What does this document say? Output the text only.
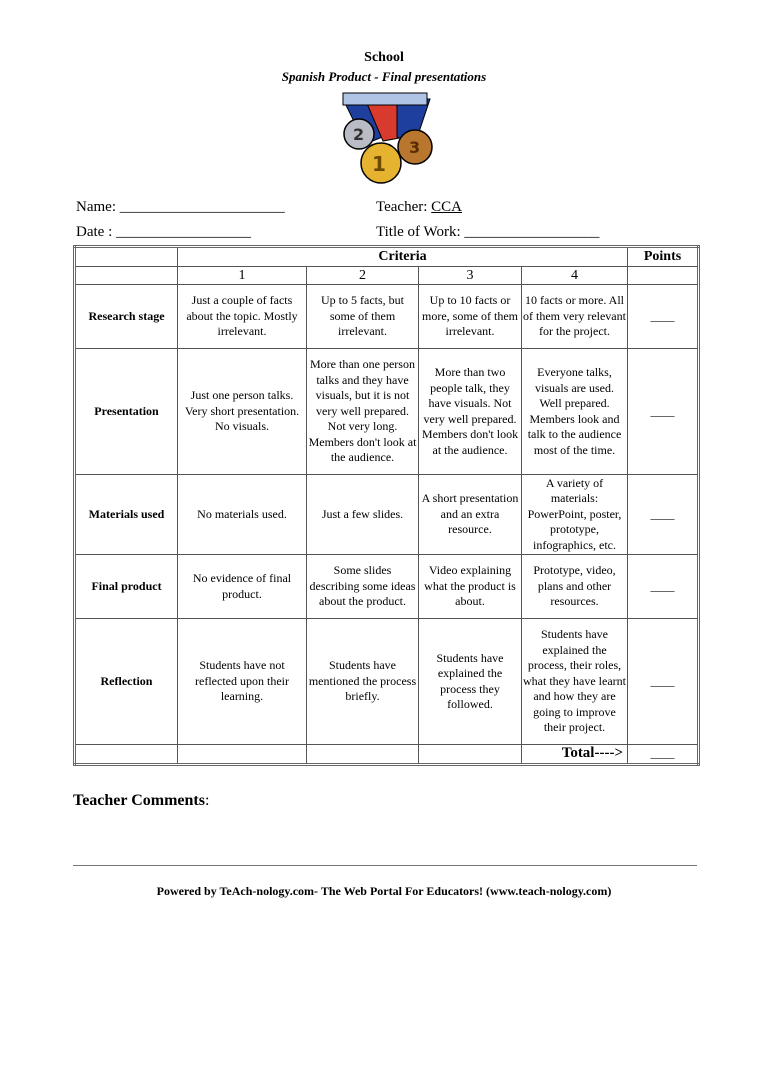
School
Spanish Product - Final presentations
2
3
1
Name: ______________________	Teacher: CCA
Date : __________________	Title of Work: __________________
	Criteria				Points
	1	2	3	4	
Research stage	Just a couple of facts about the topic. Mostly irrelevant.	Up to 5 facts, but some of them irrelevant.	Up to 10 facts or more, some of them irrelevant.	10 facts or more. All of them very relevant for the project.	____
Presentation	Just one person talks. Very short presentation. No visuals.	More than one person talks and they have visuals, but it is not very well prepared. Not very long. Members don't look at the audience.	More than two people talk, they have visuals. Not very well prepared. Members don't look at the audience.	Everyone talks, visuals are used. Well prepared. Members look and talk to the audience most of the time.	____
Materials used	No materials used.	Just a few slides.	A short presentation and an extra resource.	A variety of materials: PowerPoint, poster, prototype, infographics, etc.	____
Final product	No evidence of final product.	Some slides describing some ideas about the product.	Video explaining what the product is about.	Prototype, video, plans and other resources.	____
Reflection	Students have not reflected upon their learning.	Students have mentioned the process briefly.	Students have explained the process they followed.	Students have explained the process, their roles, what they have learnt and how they are going to improve their project.	____
				Total---->	____
Teacher Comments:
Powered by TeAch-nology.com- The Web Portal For Educators! (www.teach-nology.com)
